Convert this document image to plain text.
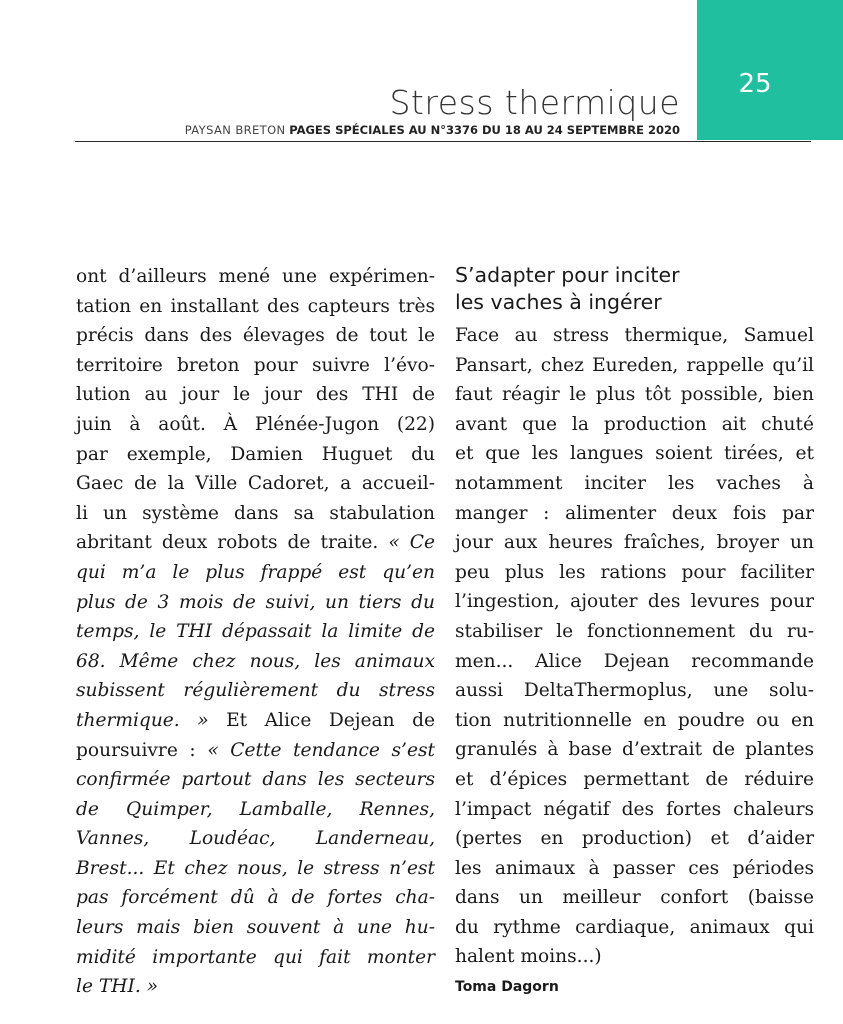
25
Stress thermique
PAYSAN BRETON PAGES SPÉCIALES AU N°3376 DU 18 AU 24 SEPTEMBRE 2020
ont d’ailleurs mené une expérimen-
tation en installant des capteurs très
précis dans des élevages de tout le
territoire breton pour suivre l’évo-
lution au jour le jour des THI de
juin à août. À Plénée-Jugon (22)
par exemple, Damien Huguet du
Gaec de la Ville Cadoret, a accueil-
li un système dans sa stabulation
abritant deux robots de traite. « Ce
qui m’a le plus frappé est qu’en
plus de 3 mois de suivi, un tiers du
temps, le THI dépassait la limite de
68. Même chez nous, les animaux
subissent régulièrement du stress
thermique. » Et Alice Dejean de
poursuivre : « Cette tendance s’est
confirmée partout dans les secteurs
de Quimper, Lamballe, Rennes,
Vannes, Loudéac, Landerneau,
Brest... Et chez nous, le stress n’est
pas forcément dû à de fortes cha-
leurs mais bien souvent à une hu-
midité importante qui fait monter
le THI. »
S’adapter pour inciter
les vaches à ingérer
Face au stress thermique, Samuel
Pansart, chez Eureden, rappelle qu’il
faut réagir le plus tôt possible, bien
avant que la production ait chuté
et que les langues soient tirées, et
notamment inciter les vaches à
manger : alimenter deux fois par
jour aux heures fraîches, broyer un
peu plus les rations pour faciliter
l’ingestion, ajouter des levures pour
stabiliser le fonctionnement du ru-
men... Alice Dejean recommande
aussi DeltaThermoplus, une solu-
tion nutritionnelle en poudre ou en
granulés à base d’extrait de plantes
et d’épices permettant de réduire
l’impact négatif des fortes chaleurs
(pertes en production) et d’aider
les animaux à passer ces périodes
dans un meilleur confort (baisse
du rythme cardiaque, animaux qui
halent moins...)
Toma Dagorn
